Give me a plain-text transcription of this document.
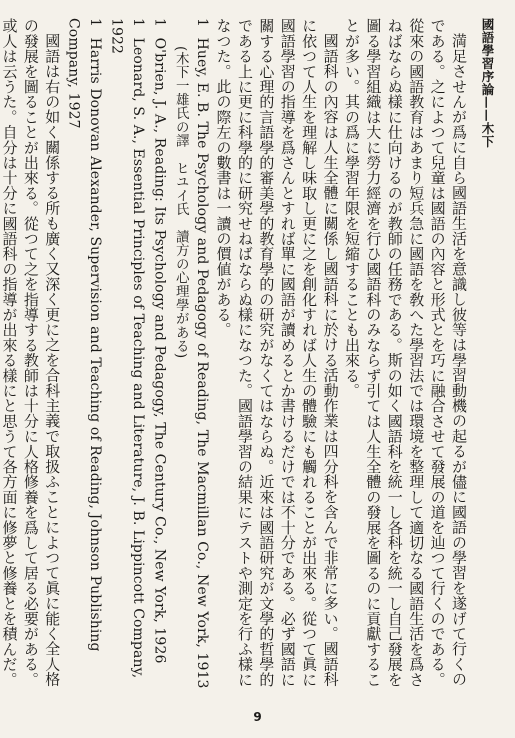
國語學習序論——木下

満足させんが爲に自ら國語生活を意識し彼等は學習動機の起るが儘に國語の學習を遂げて行くのである。之によつて兒童は國語の內容と形式とを巧に融合させて發展の道を辿つて行くのである。從來の國語教育はあまり短兵急に國語を敎へた學習法では環境を整理して適切なる國語生活を爲さねばならぬ樣に仕向けるのが教師の任務である。斯の如く國語科を統一し各科を統一し自己發展を圖る學習組織は大に勞力經濟を行ひ國語科のみならず引ては人生全體の發展を圖るのに貢獻することが多い。其の爲に學習年限を短縮することも出來る。

國語科の內容は人生全體に關係し國語科に於ける活動作業は四分科を含んで非常に多い。國語科に依つて人生を理解し味取し更に之を創化すれば人生の體驗にも觸れることが出來る。從つて眞に國語學習の指導を爲さんとすれば單に國語が讀めるとか書けるだけでは不十分である。必ず國語に關する心理的言語學的審美學的教育學的の研究がなくてはならぬ。近來は國語研究が文學的哲學的である上に更に科學的に研究せねばならぬ樣になつた。國語學習の結果にテストや測定を行ふ樣になつた。此の際左の數書は一讀の價値がある。

1 Huey, E. B. The Psychology and Pedagogy of Reading, The Macmillan Co., New York, 1913

(木下一雄氏の譯　ヒユイ氏　讀方の心理學がある)

1 O'brien, J. A., Reading: Its Psychology and Pedagogy, The Century Co., New York, 1926

1 Leonard, S. A., Essential Principles of Teaching and Literature, J. B. Lippincott Company, 1922

1 Harris Donovan Alexander, Supervision and Teaching of Reading, Johnson Publishing Company, 1927

國語は右の如く關係する所も廣く又深く更に之を合科主義で取扱ふことによつて眞に能く全人格の發展を圖ることが出來る。從つて之を指導する教師は十分に人格修養を爲して居る必要がある。或人は云うた。自分は十分に國語科の指導が出來る樣にと思うて各方面に修夢と修養とを積んだ。

9
